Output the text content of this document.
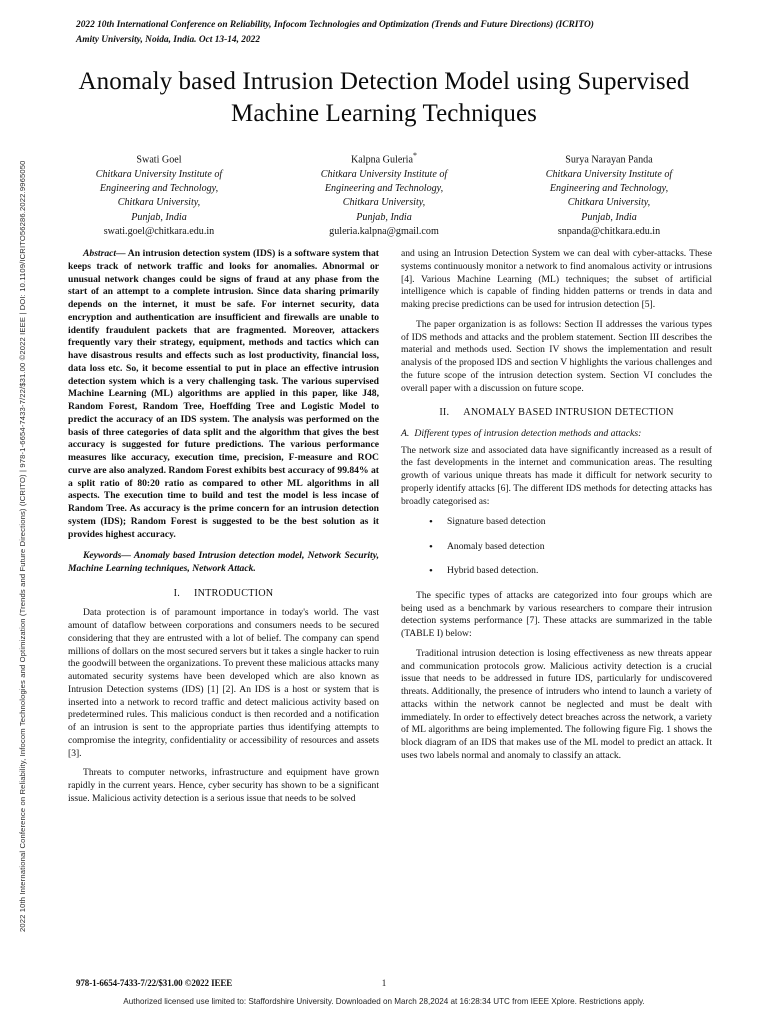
2022 10th International Conference on Reliability, Infocom Technologies and Optimization (Trends and Future Directions) (ICRITO) | 978-1-6654-7433-7/22/$31.00 ©2022 IEEE | DOI: 10.1109/ICRITO56286.2022.9965050
2022 10th International Conference on Reliability, Infocom Technologies and Optimization (Trends and Future Directions) (ICRITO)
Amity University, Noida, India. Oct 13-14, 2022
Anomaly based Intrusion Detection Model using Supervised Machine Learning Techniques
Swati Goel
Chitkara University Institute of
Engineering and Technology,
Chitkara University,
Punjab, India
swati.goel@chitkara.edu.in
Kalpna Guleria*
Chitkara University Institute of
Engineering and Technology,
Chitkara University,
Punjab, India
guleria.kalpna@gmail.com
Surya Narayan Panda
Chitkara University Institute of
Engineering and Technology,
Chitkara University,
Punjab, India
snpanda@chitkara.edu.in
Abstract— An intrusion detection system (IDS) is a software system that keeps track of network traffic and looks for anomalies. Abnormal or unusual network changes could be signs of fraud at any phase from the start of an attempt to a complete intrusion. Since data sharing primarily depends on the internet, it must be safe. For internet security, data encryption and authentication are insufficient and firewalls are unable to identify fraudulent packets that are fragmented. Moreover, attackers frequently vary their strategy, equipment, methods and tactics which can have disastrous results and effects such as lost productivity, financial loss, data loss etc. So, it become essential to put in place an effective intrusion detection system which is a very challenging task. The various supervised Machine Learning (ML) algorithms are applied in this paper, like J48, Random Forest, Random Tree, Hoeffding Tree and Logistic Model to predict the accuracy of an IDS system. The analysis was performed on the basis of three categories of data split and the algorithm that gives the best accuracy is suggested for future predictions. The various performance measures like accuracy, execution time, precision, F-measure and ROC curve are also analyzed. Random Forest exhibits best accuracy of 99.84% at a split ratio of 80:20 ratio as compared to other ML algorithms in all aspects. The execution time to build and test the model is less incase of Random Tree. As accuracy is the prime concern for an intrusion detection system (IDS); Random Forest is suggested to be the best solution as it provides highest accuracy.
Keywords— Anomaly based Intrusion detection model, Network Security, Machine Learning techniques, Network Attack.
I. INTRODUCTION

Data protection is of paramount importance in today's world. The vast amount of dataflow between corporations and consumers needs to be secured considering that they are entrusted with a lot of belief. The company can spend millions of dollars on the most secured servers but it takes a single hacker to ruin the goodwill between the organizations. To prevent these malicious attacks many automated security systems have been developed which are also known as Intrusion Detection systems (IDS) [1] [2]. An IDS is a host or system that is inserted into a network to record traffic and detect malicious activity based on predetermined rules. This malicious conduct is then recorded and a notification of an intrusion is sent to the appropriate parties thus identifying attempts to compromise the integrity, confidentiality or accessibility of resources and assets [3].

Threats to computer networks, infrastructure and equipment have grown rapidly in the current years. Hence, cyber security has shown to be a significant issue. Malicious activity detection is a serious issue that needs to be solved

and using an Intrusion Detection System we can deal with cyber-attacks. These systems continuously monitor a network to find anomalous activity or intrusions [4]. Various Machine Learning (ML) techniques; the subset of artificial intelligence which is capable of finding hidden patterns or trends in data and making precise predictions can be used for intrusion detection [5].

The paper organization is as follows: Section II addresses the various types of IDS methods and attacks and the problem statement. Section III describes the material and methods used. Section IV shows the implementation and result analysis of the proposed IDS and section V highlights the various challenges and the future scope of the intrusion detection system. Section VI concludes the overall paper with a discussion on future scope.

II. ANOMALY BASED INTRUSION DETECTION
A. Different types of intrusion detection methods and attacks:

The network size and associated data have significantly increased as a result of the fast developments in the internet and communication areas. The resulting growth of various unique threats has made it difficult for network security to properly identify attacks [6]. The different IDS methods for detecting attacks has broadly categorised as:

• Signature based detection
• Anomaly based detection
• Hybrid based detection.

The specific types of attacks are categorized into four groups which are being used as a benchmark by various researchers to compare their intrusion detection systems performance [7]. These attacks are summarized in the table (TABLE I) below:

Traditional intrusion detection is losing effectiveness as new threats appear and communication protocols grow. Malicious activity detection is a crucial issue that needs to be addressed in future IDS, particularly for undiscovered threats. Additionally, the presence of intruders who intend to launch a variety of attacks within the network cannot be neglected and must be dealt with immediately. In order to effectively detect breaches across the network, a variety of ML algorithms are being implemented. The following figure Fig. 1 shows the block diagram of an IDS that makes use of the ML model to predict an attack. It uses two labels normal and anomaly to classify an attack.

978-1-6654-7433-7/22/$31.00 ©2022 IEEE	1
Authorized licensed use limited to: Staffordshire University. Downloaded on March 28,2024 at 16:28:34 UTC from IEEE Xplore. Restrictions apply.
